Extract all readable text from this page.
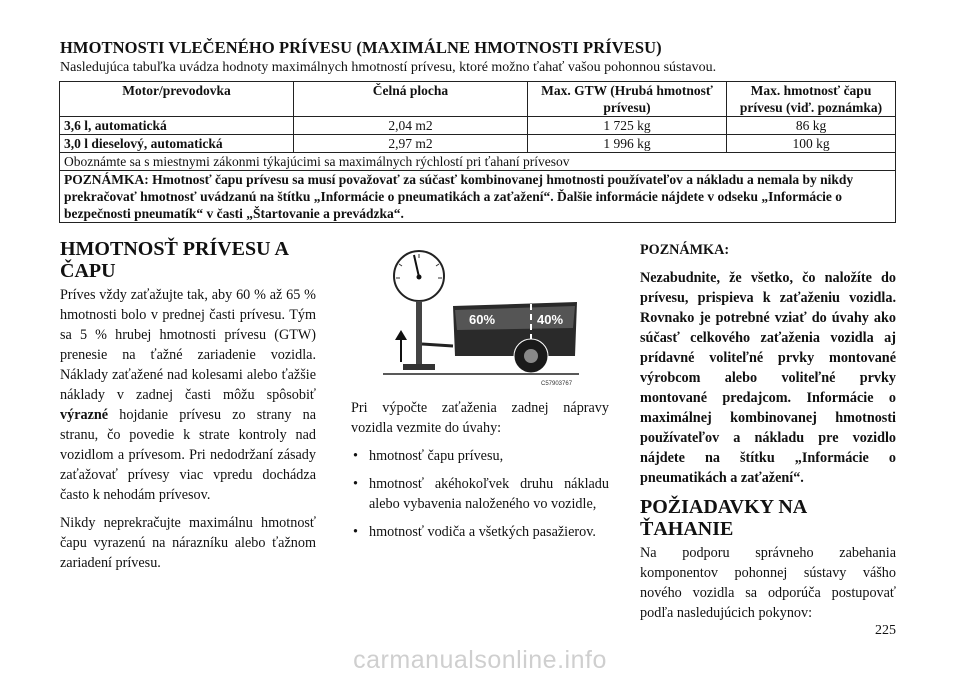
HMOTNOSTI VLEČENÉHO PRÍVESU (MAXIMÁLNE HMOTNOSTI PRÍVESU)

Nasledujúca tabuľka uvádza hodnoty maximálnych hmotností prívesu, ktoré možno ťahať vašou pohonnou sústavou.

Motor/prevodovka	Čelná plocha	Max. GTW (Hrubá hmotnosť prívesu)	Max. hmotnosť čapu prívesu (viď. poznámka)
3,6 l, automatická	2,04 m2	1 725 kg	86 kg
3,0 l dieselový, automatická	2,97 m2	1 996 kg	100 kg
Oboznámte sa s miestnymi zákonmi týkajúcimi sa maximálnych rýchlostí pri ťahaní prívesov			
POZNÁMKA: Hmotnosť čapu prívesu sa musí považovať za súčasť kombinovanej hmotnosti používateľov a nákladu a nemala by nikdy prekračovať hmotnosť uvádzanú na štítku „Informácie o pneumatikách a zaťažení“. Ďalšie informácie nájdete v odseku „Informácie o bezpečnosti pneumatík“ v časti „Štartovanie a prevádzka“.			
HMOTNOSŤ PRÍVESU A ČAPU

Príves vždy zaťažujte tak, aby 60 % až 65 % hmotnosti bolo v prednej časti prívesu. Tým sa 5 % hrubej hmotnosti prívesu (GTW) prenesie na ťažné zariadenie vozidla. Náklady zaťažené nad kolesami alebo ťažšie náklady v zadnej časti môžu spôsobiť výrazné hojdanie prívesu zo strany na stranu, čo povedie k strate kontroly nad vozidlom a prívesom. Pri nedodržaní zásady zaťažovať prívesy viac vpredu dochádza často k nehodám prívesov.

Nikdy neprekračujte maximálnu hmotnosť čapu vyrazenú na nárazníku alebo ťažnom zariadení prívesu.

60%	40%
C57903767

Pri výpočte zaťaženia zadnej nápravy vozidla vezmite do úvahy:

• hmotnosť čapu prívesu,
• hmotnosť akéhokoľvek druhu nákladu alebo vybavenia naloženého vo vozidle,
• hmotnosť vodiča a všetkých pasažierov.

POZNÁMKA:

Nezabudnite, že všetko, čo naložíte do prívesu, prispieva k zaťaženiu vozidla. Rovnako je potrebné vziať do úvahy ako súčasť celkového zaťaženia vozidla aj prídavné voliteľné prvky montované výrobcom alebo voliteľné prvky montované predajcom. Informácie o maximálnej kombinovanej hmotnosti používateľov a nákladu pre vozidlo nájdete na štítku „Informácie o pneumatikách a zaťažení“.

POŽIADAVKY NA ŤAHANIE

Na podporu správneho zabehania komponentov pohonnej sústavy vášho nového vozidla sa odporúča postupovať podľa nasledujúcich pokynov:

225
carmanualsonline.info
